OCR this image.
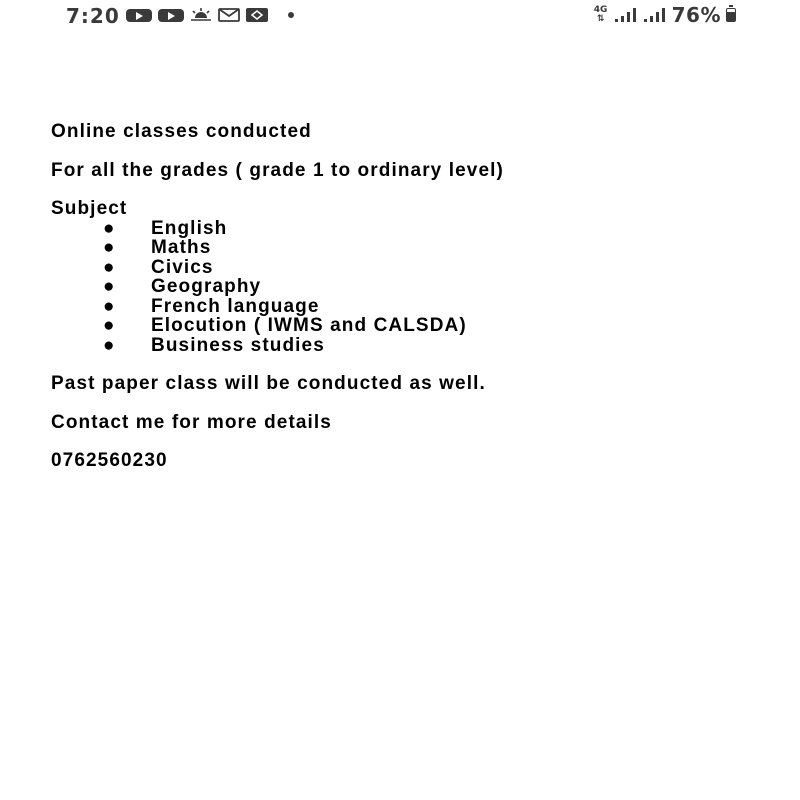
7:20	4G
⇅	76%

Online classes conducted

For all the grades ( grade 1 to ordinary level)

Subject

● English
● Maths
● Civics
● Geography
● French language
● Elocution ( IWMS and CALSDA)
● Business studies

Past paper class will be conducted as well.

Contact me for more details

0762560230
